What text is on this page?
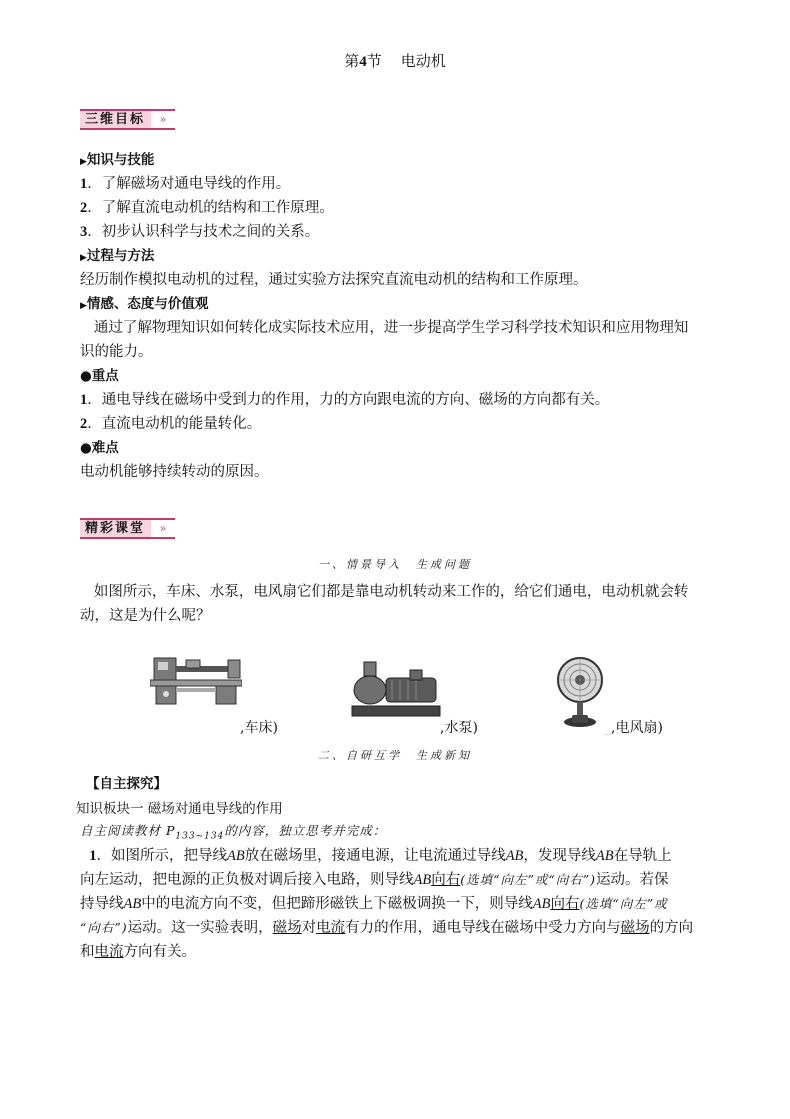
第4节 电动机
三维目标	»
▶知识与技能
1．了解磁场对通电导线的作用。
2．了解直流电动机的结构和工作原理。
3．初步认识科学与技术之间的关系。
▶过程与方法
经历制作模拟电动机的过程，通过实验方法探究直流电动机的结构和工作原理。
▶情感、态度与价值观
通过了解物理知识如何转化成实际技术应用，进一步提高学生学习科学技术知识和应用物理知
识的能力。
●重点
1．通电导线在磁场中受到力的作用，力的方向跟电流的方向、磁场的方向都有关。
2．直流电动机的能量转化。
●难点
电动机能够持续转动的原因。
精彩课堂	»
一、情景导入　生成问题
如图所示，车床、水泵，电风扇它们都是靠电动机转动来工作的，给它们通电，电动机就会转
动，这是为什么呢？
,车床)	,水泵)	_,电风扇)
二、自研互学　生成新知
【自主探究】
知识板块一 磁场对通电导线的作用
自主阅读教材 $P_{133\sim 134}$的内容，独立思考并完成：
1．如图所示，把导线AB放在磁场里，接通电源，让电流通过导线AB，发现导线AB在导轨上
向左运动，把电源的正负极对调后接入电路，则导线AB向右(选填“向左”或“向右”)运动。若保
持导线AB中的电流方向不变，但把蹄形磁铁上下磁极调换一下，则导线AB向右(选填“向左”或
“向右”)运动。这一实验表明，磁场对电流有力的作用，通电导线在磁场中受力方向与磁场的方向
和电流方向有关。
